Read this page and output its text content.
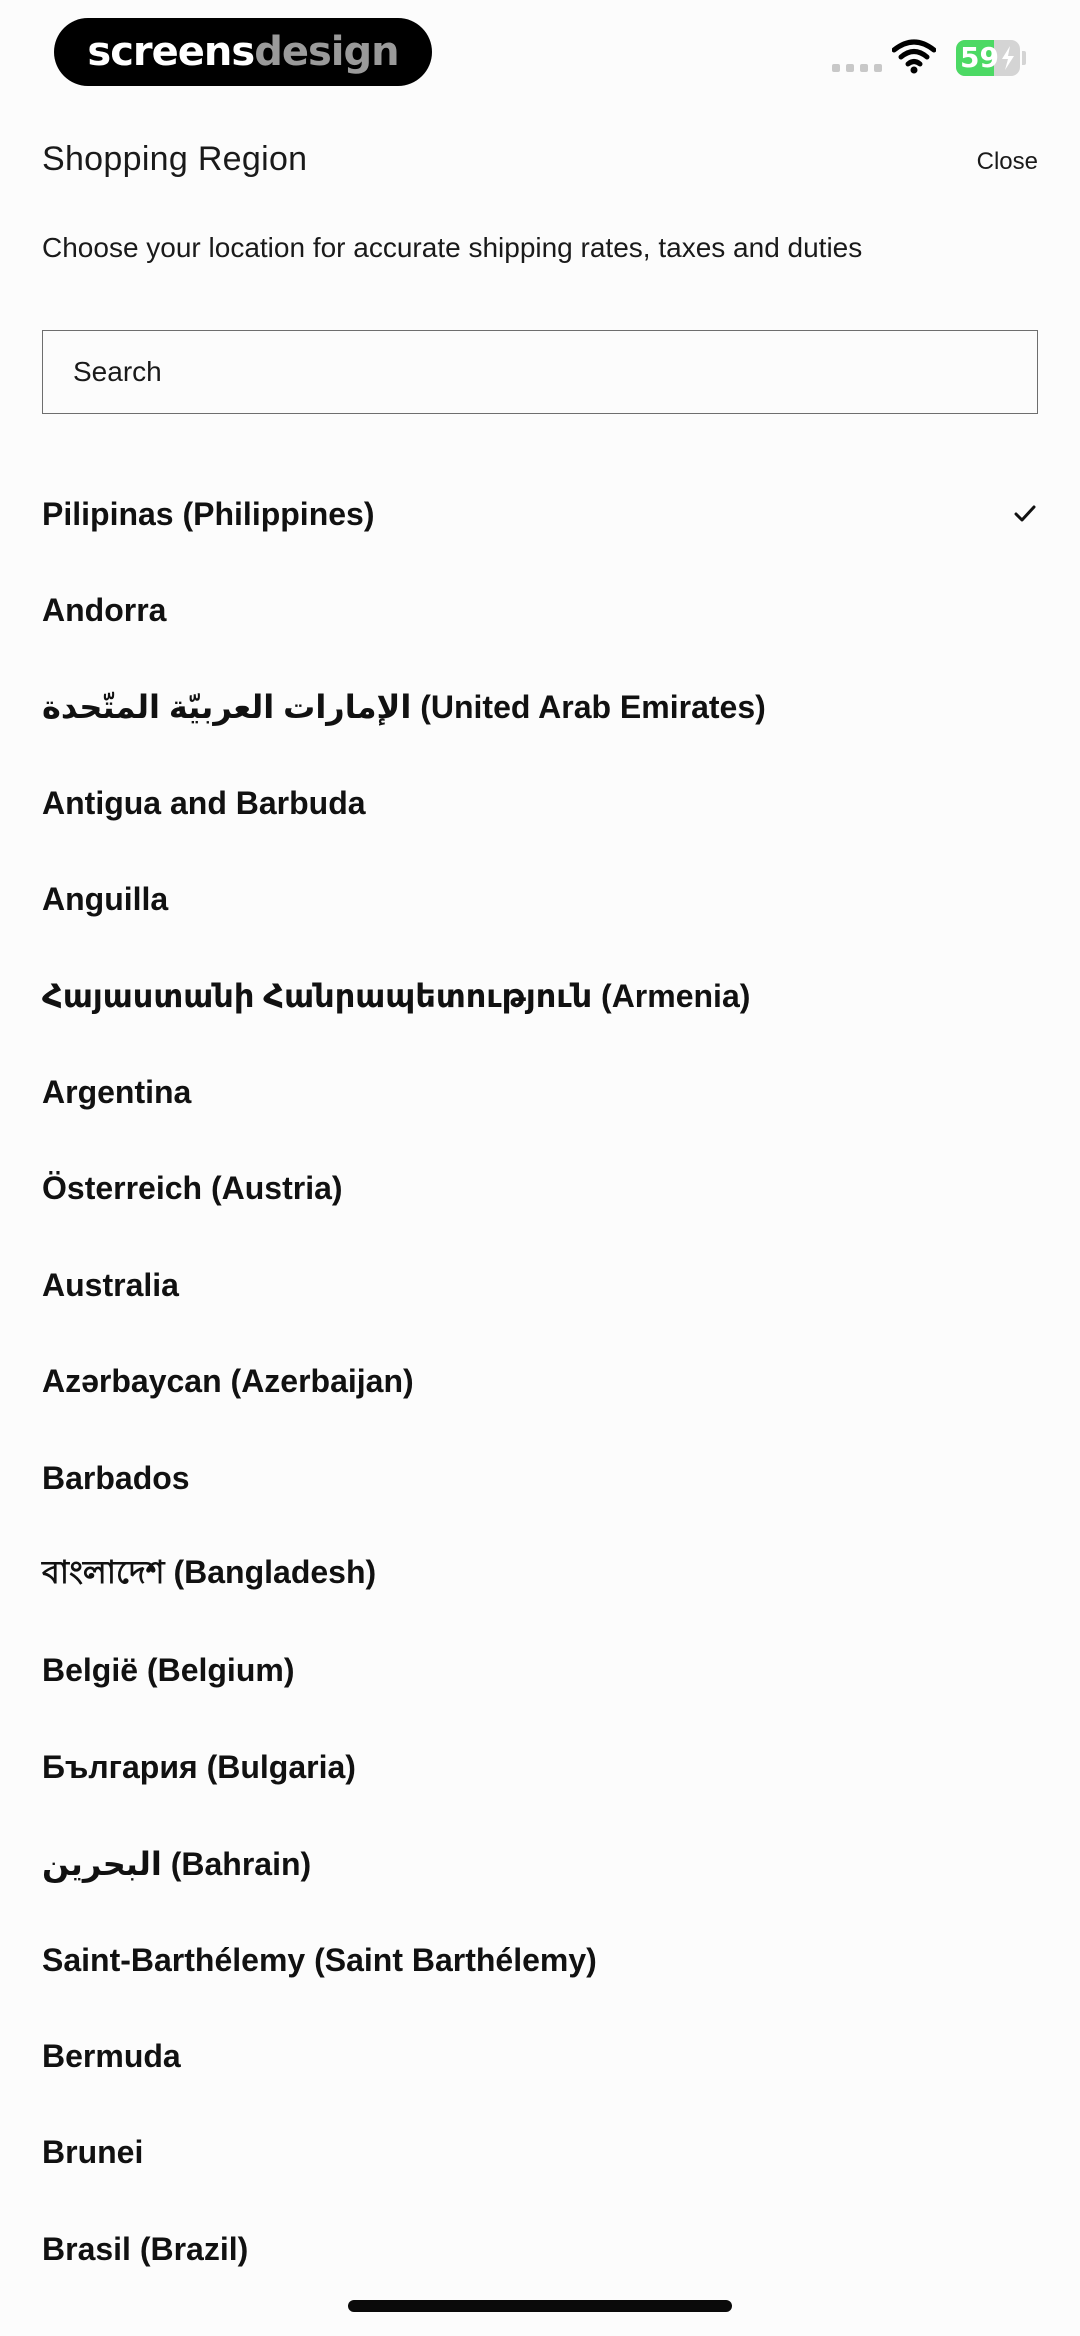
screens design	59
Shopping Region	Close
Choose your location for accurate shipping rates, taxes and duties
Search
Pilipinas (Philippines)
Andorra
الإمارات العربيّة المتّحدة (United Arab Emirates)
Antigua and Barbuda
Anguilla
Հայաստանի Հանրապետություն (Armenia)
Argentina
Österreich (Austria)
Australia
Azərbaycan (Azerbaijan)
Barbados
বাংলাদেশ (Bangladesh)
België (Belgium)
България (Bulgaria)
البحرين (Bahrain)
Saint-Barthélemy (Saint Barthélemy)
Bermuda
Brunei
Brasil (Brazil)
